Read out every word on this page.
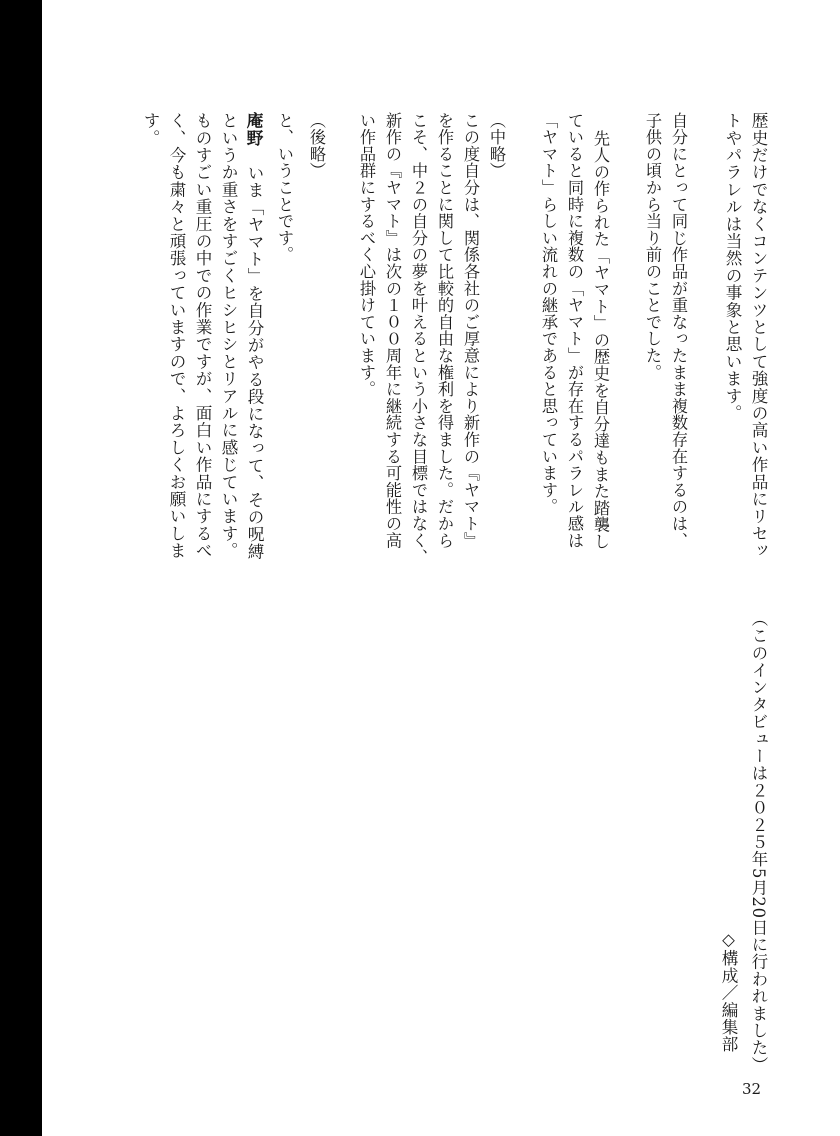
歴史だけでなくコンテンツとして強度の高い作品にリセッ
トやパラレルは当然の事象と思います。
自分にとって同じ作品が重なったまま複数存在するのは、
子供の頃から当り前のことでした。
先人の作られた「ヤマト」の歴史を自分達もまた踏襲し
ていると同時に複数の「ヤマト」が存在するパラレル感は
「ヤマト」らしい流れの継承であると思っています。
（中略）
この度自分は、関係各社のご厚意により新作の『ヤマト』
を作ることに関して比較的自由な権利を得ました。だから
こそ、中２の自分の夢を叶えるという小さな目標ではなく、
新作の『ヤマト』は次の１００周年に継続する可能性の高
い作品群にするべく心掛けています。
（後略）
と、いうことです。
庵野いま「ヤマト」を自分がやる段になって、その呪縛
というか重さをすごくヒシヒシとリアルに感じています。
ものすごい重圧の中での作業ですが、面白い作品にするべ
く、今も粛々と頑張っていますので、よろしくお願いしま
す。
（このインタビューは２０２５年5月20日に行われました）
◇構成／編集部
32
